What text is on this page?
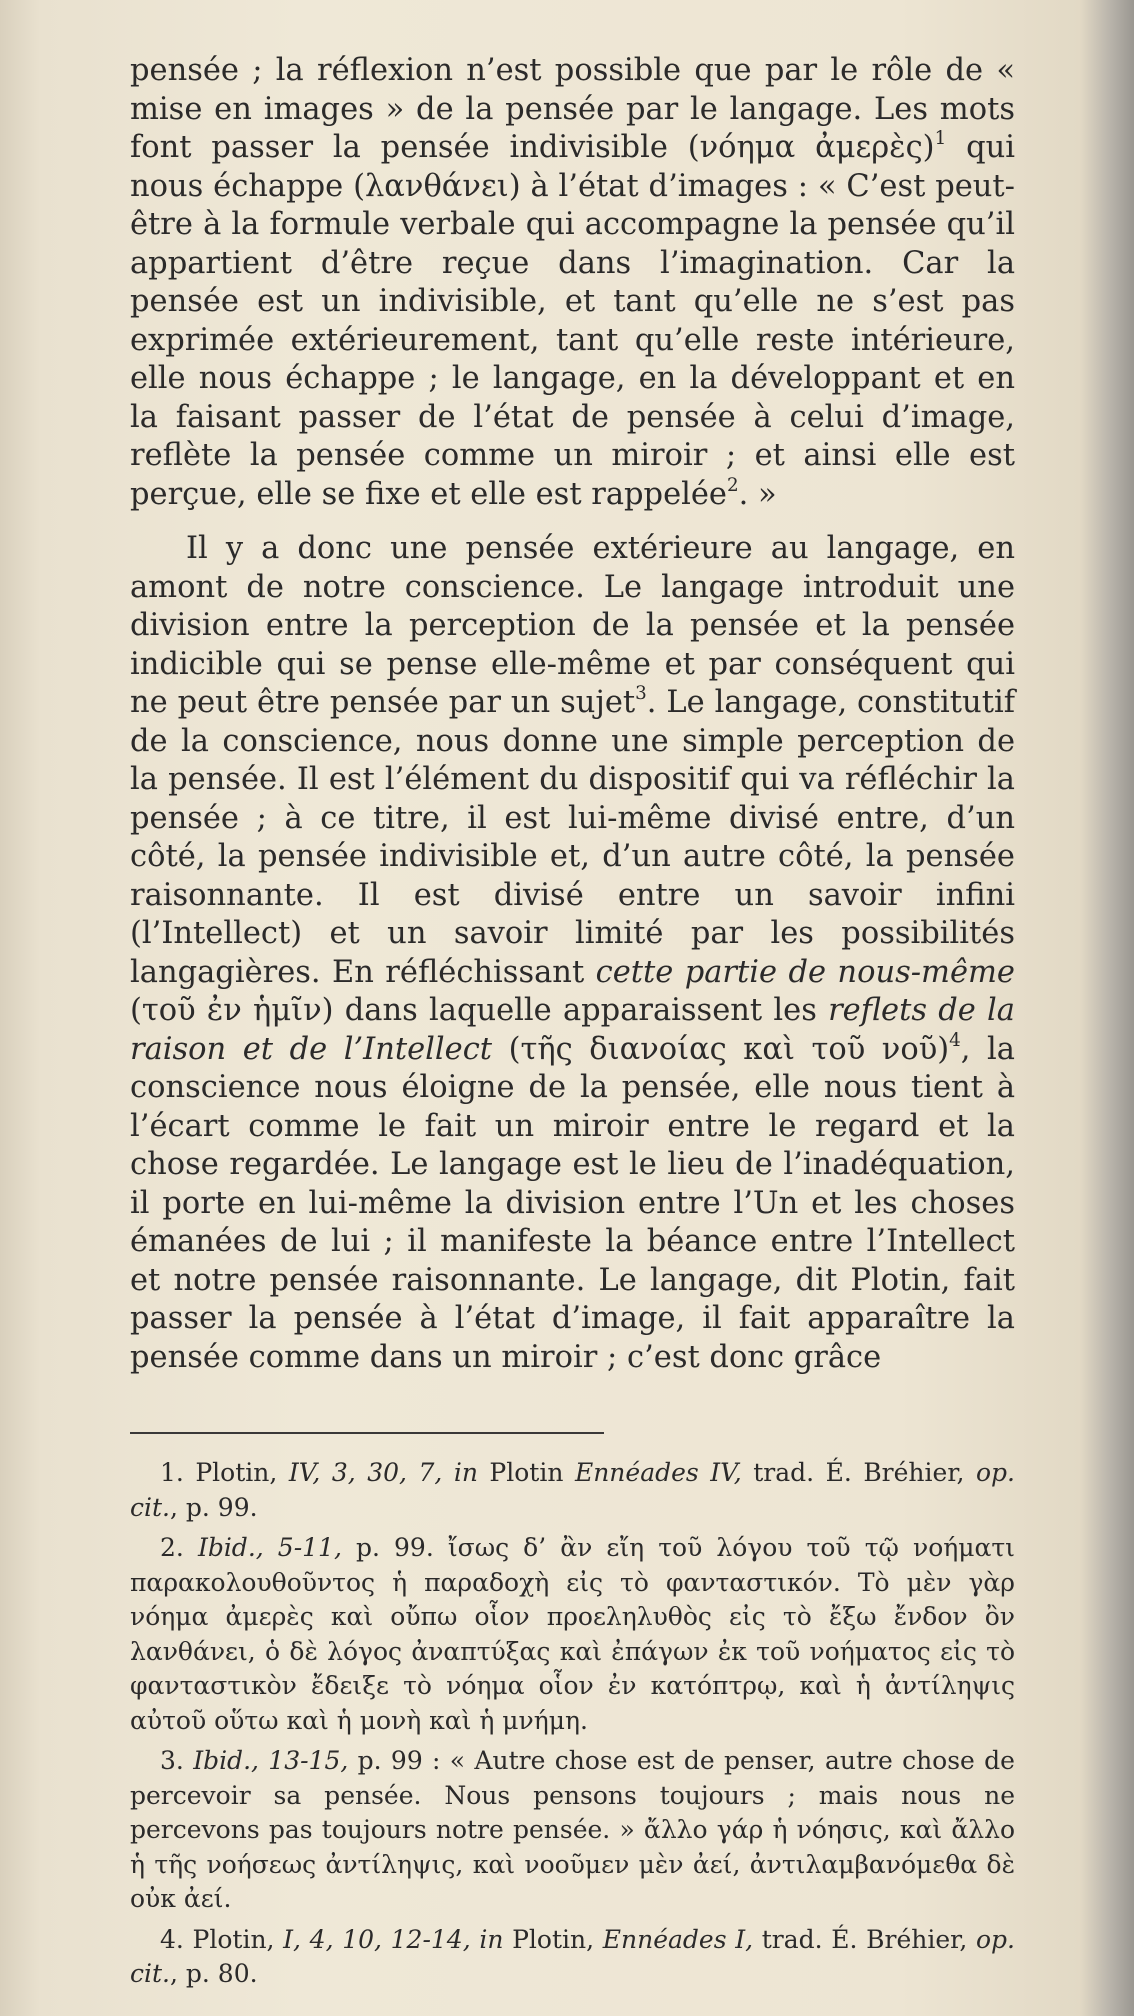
pensée ; la réflexion n’est possible que par le rôle de « mise en images » de la pensée par le langage. Les mots font passer la pensée indivisible (νόημα ἀμερὲς)$^1$ qui nous échappe (λανθάνει) à l’état d’images : « C’est peut-être à la formule verbale qui accompagne la pensée qu’il appartient d’être reçue dans l’imagination. Car la pensée est un indivisible, et tant qu’elle ne s’est pas exprimée extérieurement, tant qu’elle reste intérieure, elle nous échappe ; le langage, en la développant et en la faisant passer de l’état de pensée à celui d’image, reflète la pensée comme un miroir ; et ainsi elle est perçue, elle se fixe et elle est rappelée$^2$. »

Il y a donc une pensée extérieure au langage, en amont de notre conscience. Le langage introduit une division entre la perception de la pensée et la pensée indicible qui se pense elle-même et par conséquent qui ne peut être pensée par un sujet$^3$. Le langage, constitutif de la conscience, nous donne une simple perception de la pensée. Il est l’élément du dispositif qui va réfléchir la pensée ; à ce titre, il est lui-même divisé entre, d’un côté, la pensée indivisible et, d’un autre côté, la pensée raisonnante. Il est divisé entre un savoir infini (l’Intellect) et un savoir limité par les possibilités langagières. En réfléchissant cette partie de nous-même (τοῦ ἐν ἡμῖν) dans laquelle apparaissent les reflets de la raison et de l’Intellect (τῆς διανοίας καὶ τοῦ νοῦ)$^4$, la conscience nous éloigne de la pensée, elle nous tient à l’écart comme le fait un miroir entre le regard et la chose regardée. Le langage est le lieu de l’inadéquation, il porte en lui-même la division entre l’Un et les choses émanées de lui ; il manifeste la béance entre l’Intellect et notre pensée raisonnante. Le langage, dit Plotin, fait passer la pensée à l’état d’image, il fait apparaître la pensée comme dans un miroir ; c’est donc grâce

1. Plotin, IV, 3, 30, 7, in Plotin Ennéades IV, trad. É. Bréhier, op. cit., p. 99.

2. Ibid., 5-11, p. 99. ἴσως δ’ ἂν εἴη τοῦ λόγου τοῦ τῷ νοήματι παρακολουθοῦντος ἡ παραδοχὴ εἰς τὸ φανταστικόν. Τὸ μὲν γὰρ νόημα ἀμερὲς καὶ οὔπω οἷον προεληλυθὸς εἰς τὸ ἔξω ἔνδον ὂν λανθάνει, ὁ δὲ λόγος ἀναπτύξας καὶ ἐπάγων ἐκ τοῦ νοήματος εἰς τὸ φανταστικὸν ἔδειξε τὸ νόημα οἷον ἐν κατόπτρῳ, καὶ ἡ ἀντίληψις αὐτοῦ οὕτω καὶ ἡ μονὴ καὶ ἡ μνήμη.

3. Ibid., 13-15, p. 99 : « Autre chose est de penser, autre chose de percevoir sa pensée. Nous pensons toujours ; mais nous ne percevons pas toujours notre pensée. » ἄλλο γάρ ἡ νόησις, καὶ ἄλλο ἡ τῆς νοήσεως ἀντίληψις, καὶ νοοῦμεν μὲν ἀεί, ἀντιλαμβανόμεθα δὲ οὐκ ἀεί.

4. Plotin, I, 4, 10, 12-14, in Plotin, Ennéades I, trad. É. Bréhier, op. cit., p. 80.
